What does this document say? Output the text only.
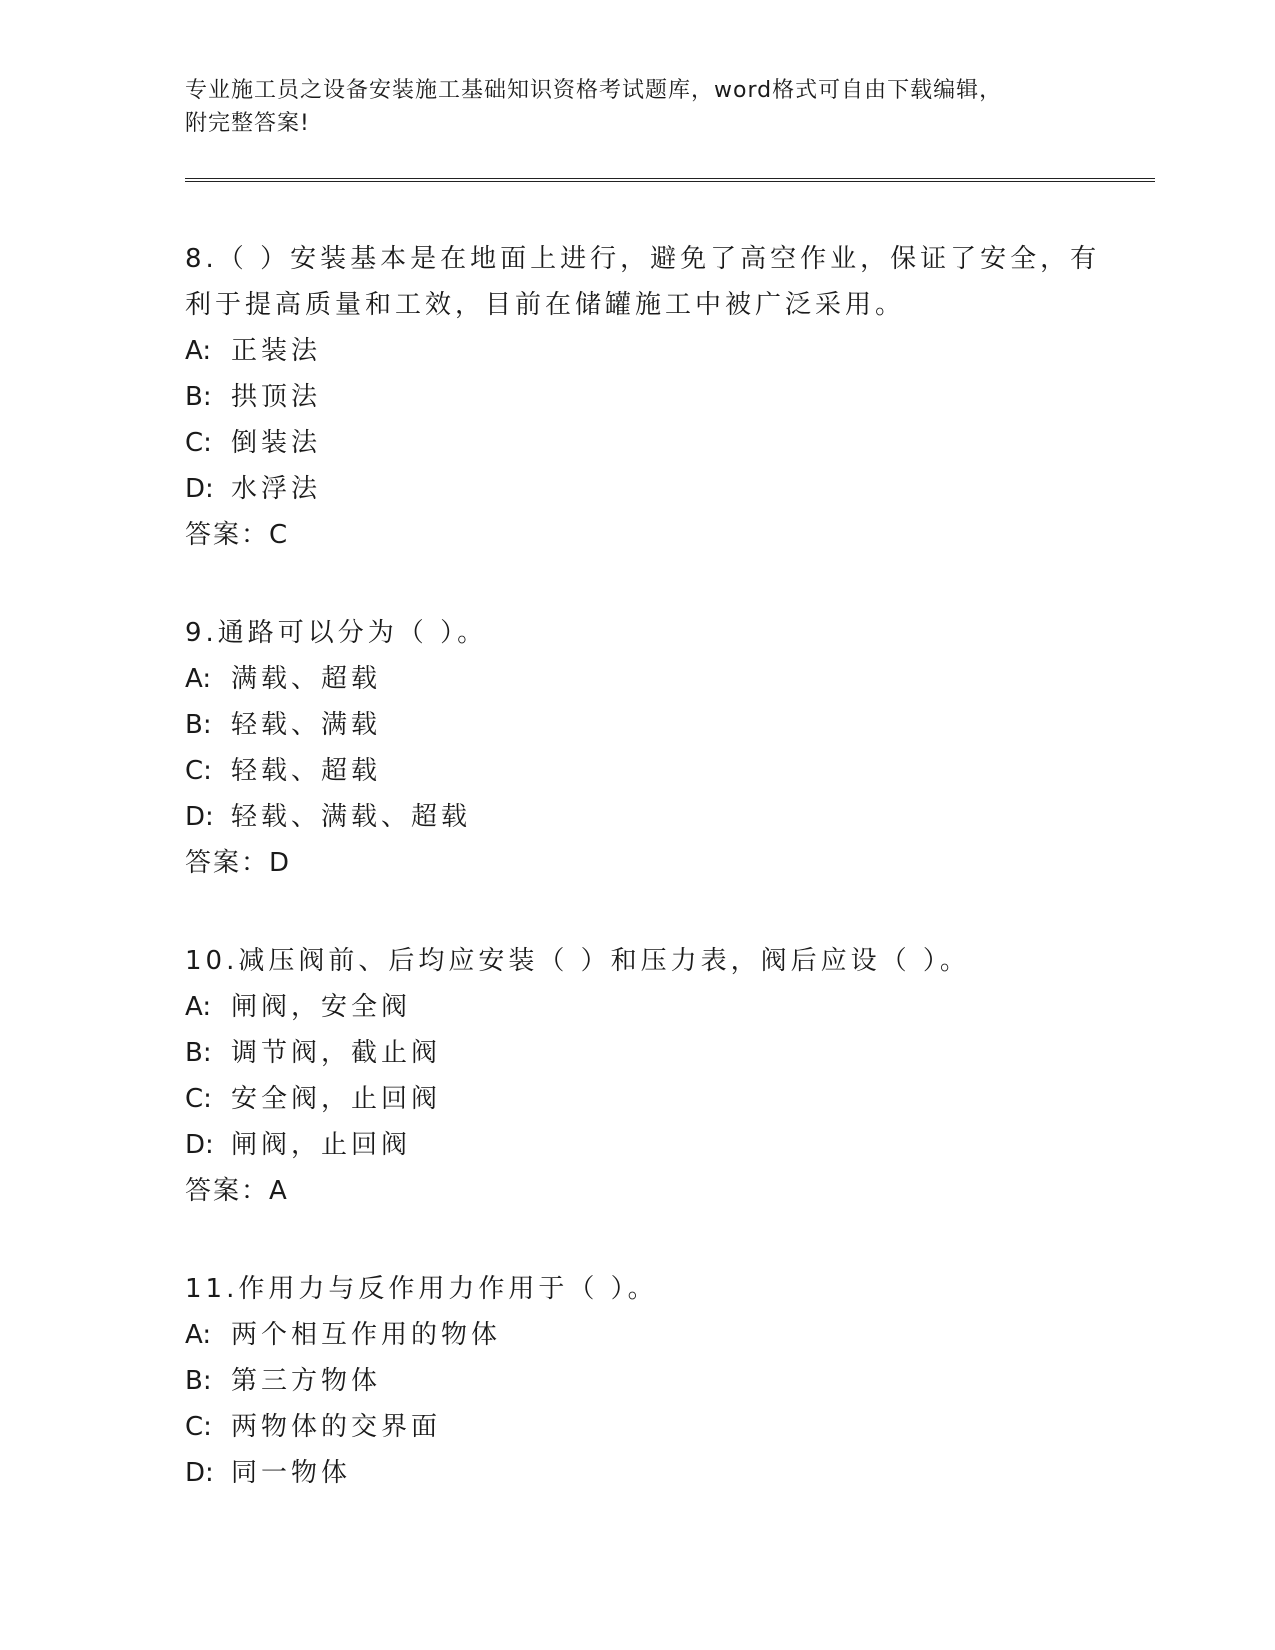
专业施工员之设备安装施工基础知识资格考试题库，word格式可自由下载编辑，
附完整答案!

8.（ ）安装基本是在地面上进行，避免了高空作业，保证了安全，有

利于提高质量和工效，目前在储罐施工中被广泛采用。

A: 正装法

B: 拱顶法

C: 倒装法

D: 水浮法

答案：C

9.通路可以分为（ ）。

A: 满载、超载

B: 轻载、满载

C: 轻载、超载

D: 轻载、满载、超载

答案：D

10.减压阀前、后均应安装（ ）和压力表，阀后应设（ ）。

A: 闸阀，安全阀

B: 调节阀，截止阀

C: 安全阀，止回阀

D: 闸阀，止回阀

答案：A

11.作用力与反作用力作用于（ ）。

A: 两个相互作用的物体

B: 第三方物体

C: 两物体的交界面

D: 同一物体
